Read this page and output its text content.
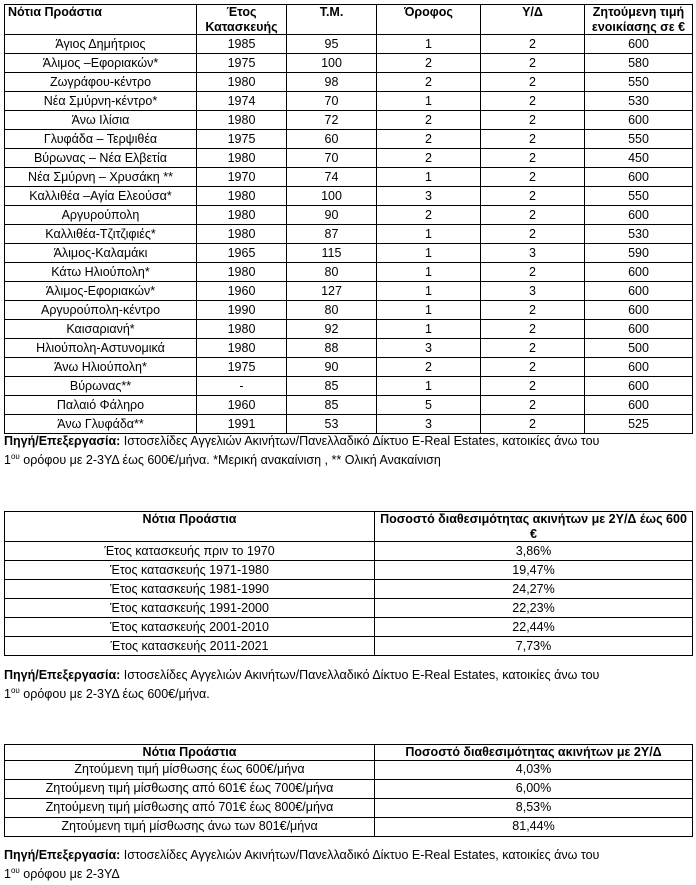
Νότια Προάστια	Έτος Κατασκευής	Τ.Μ.	Όροφος	Υ/Δ	Ζητούμενη τιμή ενοικίασης σε €
Άγιος Δημήτριος	1985	95	1	2	600
Άλιμος –Εφοριακών*	1975	100	2	2	580
Ζωγράφου-κέντρο	1980	98	2	2	550
Νέα Σμύρνη-κέντρο*	1974	70	1	2	530
Άνω Ιλίσια	1980	72	2	2	600
Γλυφάδα – Τερψιθέα	1975	60	2	2	550
Βύρωνας – Νέα Ελβετία	1980	70	2	2	450
Νέα Σμύρνη – Χρυσάκη **	1970	74	1	2	600
Καλλιθέα –Αγία Ελεούσα*	1980	100	3	2	550
Αργυρούπολη	1980	90	2	2	600
Καλλιθέα-Τζιτζιφιές*	1980	87	1	2	530
Άλιμος-Καλαμάκι	1965	115	1	3	590
Κάτω Ηλιούπολη*	1980	80	1	2	600
Άλιμος-Εφοριακών*	1960	127	1	3	600
Αργυρούπολη-κέντρο	1990	80	1	2	600
Καισαριανή*	1980	92	1	2	600
Ηλιούπολη-Αστυνομικά	1980	88	3	2	500
Άνω Ηλιούπολη*	1975	90	2	2	600
Βύρωνας**	-	85	1	2	600
Παλαιό Φάληρο	1960	85	5	2	600
Άνω Γλυφάδα**	1991	53	3	2	525
Πηγή/Επεξεργασία: Ιστοσελίδες Αγγελιών Ακινήτων/Πανελλαδικό Δίκτυο E-Real Estates, κατοικίες άνω του
$1^{o\upsilon}$ ορόφου με 2-3ΥΔ έως 600€/μήνα. *Μερική ανακαίνιση , ** Ολική Ανακαίνιση
Νότια Προάστια	Ποσοστό διαθεσιμότητας ακινήτων με 2Υ/Δ έως 600 €
Έτος κατασκευής πριν το 1970	3,86%
Έτος κατασκευής 1971-1980	19,47%
Έτος κατασκευής 1981-1990	24,27%
Έτος κατασκευής 1991-2000	22,23%
Έτος κατασκευής 2001-2010	22,44%
Έτος κατασκευής 2011-2021	7,73%
Πηγή/Επεξεργασία: Ιστοσελίδες Αγγελιών Ακινήτων/Πανελλαδικό Δίκτυο E-Real Estates, κατοικίες άνω του
$1^{o\upsilon}$ ορόφου με 2-3ΥΔ έως 600€/μήνα.
Νότια Προάστια	Ποσοστό διαθεσιμότητας ακινήτων με 2Υ/Δ
Ζητούμενη τιμή μίσθωσης έως 600€/μήνα	4,03%
Ζητούμενη τιμή μίσθωσης από 601€ έως 700€/μήνα	6,00%
Ζητούμενη τιμή μίσθωσης από 701€ έως 800€/μήνα	8,53%
Ζητούμενη τιμή μίσθωσης άνω των 801€/μήνα	81,44%
Πηγή/Επεξεργασία: Ιστοσελίδες Αγγελιών Ακινήτων/Πανελλαδικό Δίκτυο E-Real Estates, κατοικίες άνω του
$1^{o\upsilon}$ ορόφου με 2-3ΥΔ
